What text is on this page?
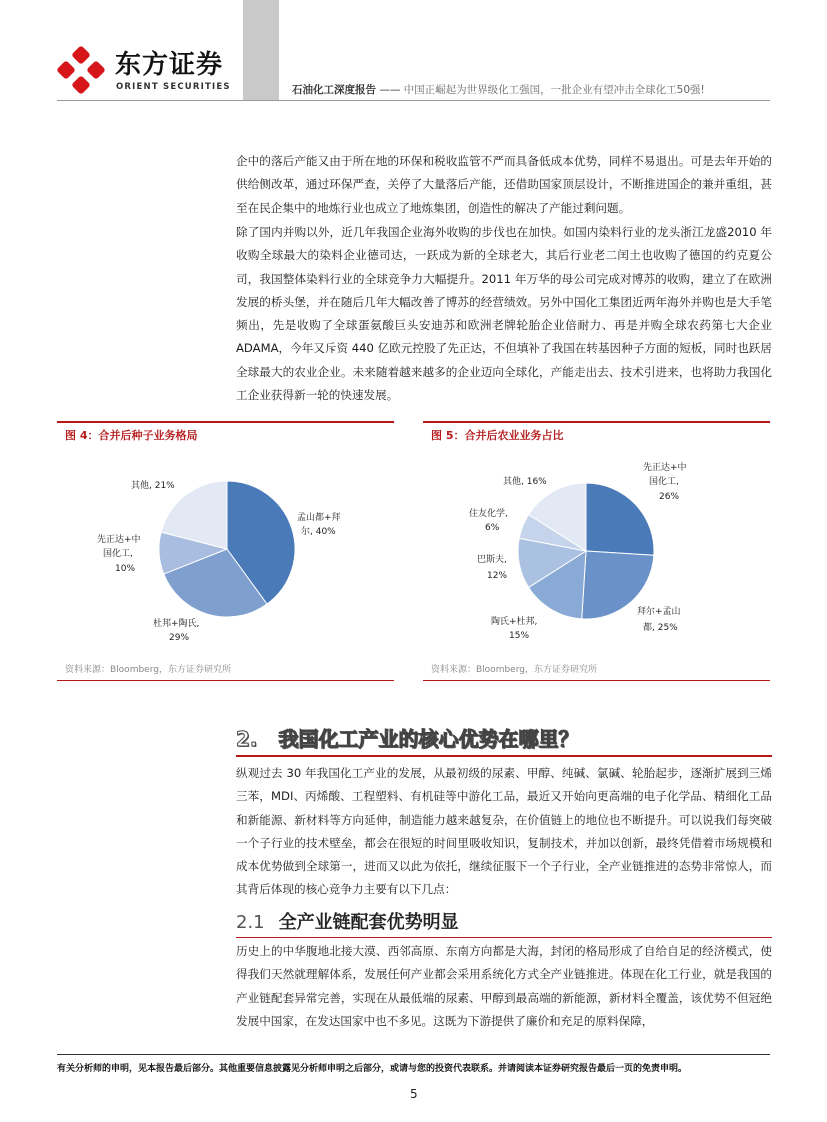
东方证券
ORIENT SECURITIES	石油化工深度报告 —— 中国正崛起为世界级化工强国，一批企业有望冲击全球化工50强!

企中的落后产能又由于所在地的环保和税收监管不严而具备低成本优势，同样不易退出。可是去年开始的供给侧改革，通过环保严查，关停了大量落后产能，还借助国家顶层设计，不断推进国企的兼并重组，甚至在民企集中的地炼行业也成立了地炼集团，创造性的解决了产能过剩问题。

除了国内并购以外，近几年我国企业海外收购的步伐也在加快。如国内染料行业的龙头浙江龙盛2010 年收购全球最大的染料企业德司达，一跃成为新的全球老大，其后行业老二闰土也收购了德国的约克夏公司，我国整体染料行业的全球竞争力大幅提升。2011 年万华的母公司完成对博苏的收购，建立了在欧洲发展的桥头堡，并在随后几年大幅改善了博苏的经营绩效。另外中国化工集团近两年海外并购也是大手笔频出，先是收购了全球蛋氨酸巨头安迪苏和欧洲老牌轮胎企业倍耐力、再是并购全球农药第七大企业 ADAMA，今年又斥资 440 亿欧元控股了先正达，不但填补了我国在转基因种子方面的短板，同时也跃居全球最大的农业企业。未来随着越来越多的企业迈向全球化，产能走出去、技术引进来，也将助力我国化工企业获得新一轮的快速发展。

图 4：合并后种子业务格局
孟山都+拜
尔, 40%
杜邦+陶氏,
29%
先正达+中
国化工,
10%
其他, 21%
资料来源：Bloomberg，东方证券研究所
图 5：合并后农业业务占比
先正达+中
国化工,
26%
拜尔+孟山
都, 25%
陶氏+杜邦,
15%
巴斯夫,
12%
住友化学,
6%
其他, 16%
资料来源：Bloomberg，东方证券研究所
2. 我国化工产业的核心优势在哪里？

纵观过去 30 年我国化工产业的发展，从最初级的尿素、甲醇、纯碱、氯碱、轮胎起步，逐渐扩展到三烯三苯，MDI、丙烯酸、工程塑料、有机硅等中游化工品，最近又开始向更高端的电子化学品、精细化工品和新能源、新材料等方向延伸，制造能力越来越复杂，在价值链上的地位也不断提升。可以说我们每突破一个子行业的技术壁垒，都会在很短的时间里吸收知识，复制技术，并加以创新，最终凭借着市场规模和成本优势做到全球第一，进而又以此为依托，继续征服下一个子行业，全产业链推进的态势非常惊人，而其背后体现的核心竞争力主要有以下几点：

2.1 全产业链配套优势明显

历史上的中华腹地北接大漠、西邻高原、东南方向都是大海，封闭的格局形成了自给自足的经济模式，使得我们天然就理解体系，发展任何产业都会采用系统化方式全产业链推进。体现在化工行业，就是我国的产业链配套异常完善，实现在从最低端的尿素、甲醇到最高端的新能源，新材料全覆盖，该优势不但冠绝发展中国家，在发达国家中也不多见。这既为下游提供了廉价和充足的原料保障，

有关分析师的申明，见本报告最后部分。其他重要信息披露见分析师申明之后部分，或请与您的投资代表联系。并请阅读本证券研究报告最后一页的免责申明。
5
